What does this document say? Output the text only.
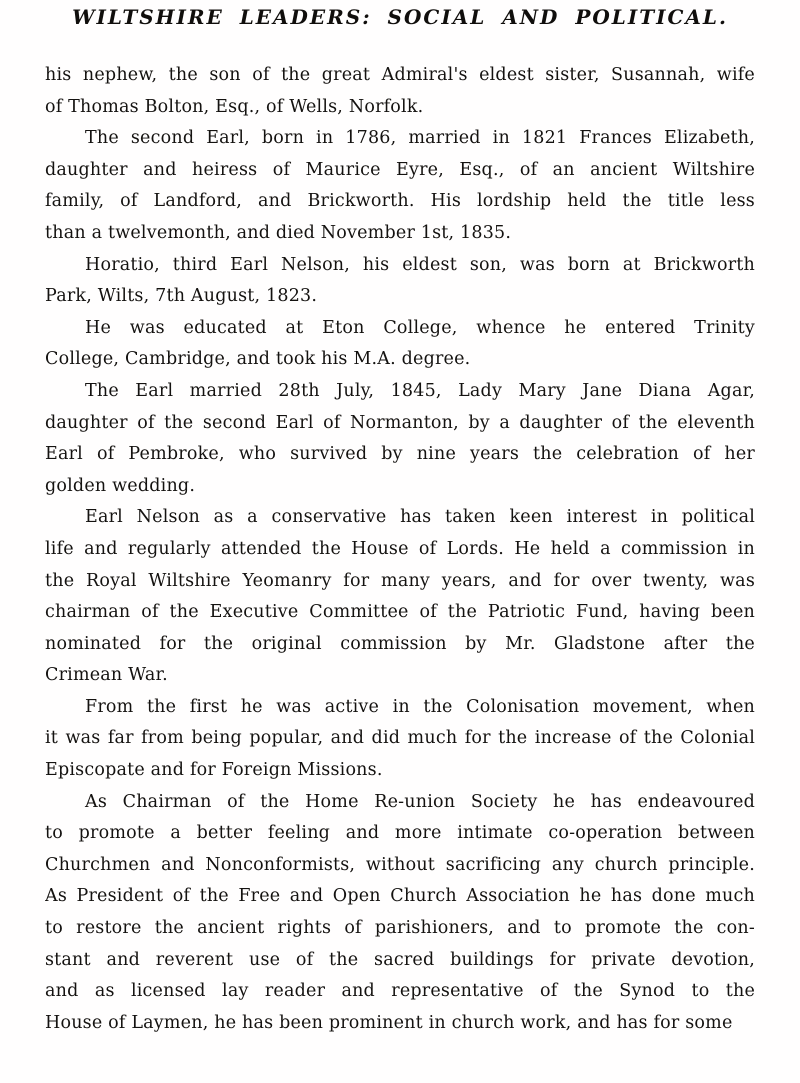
WILTSHIRE LEADERS: SOCIAL AND POLITICAL.
his nephew, the son of the great Admiral's eldest sister, Susannah, wife
of Thomas Bolton, Esq., of Wells, Norfolk.
The second Earl, born in 1786, married in 1821 Frances Elizabeth,
daughter and heiress of Maurice Eyre, Esq., of an ancient Wiltshire
family, of Landford, and Brickworth. His lordship held the title less
than a twelvemonth, and died November 1st, 1835.
Horatio, third Earl Nelson, his eldest son, was born at Brickworth
Park, Wilts, 7th August, 1823.
He was educated at Eton College, whence he entered Trinity
College, Cambridge, and took his M.A. degree.
The Earl married 28th July, 1845, Lady Mary Jane Diana Agar,
daughter of the second Earl of Normanton, by a daughter of the eleventh
Earl of Pembroke, who survived by nine years the celebration of her
golden wedding.
Earl Nelson as a conservative has taken keen interest in political
life and regularly attended the House of Lords. He held a commission in
the Royal Wiltshire Yeomanry for many years, and for over twenty, was
chairman of the Executive Committee of the Patriotic Fund, having been
nominated for the original commission by Mr. Gladstone after the
Crimean War.
From the first he was active in the Colonisation movement, when
it was far from being popular, and did much for the increase of the Colonial
Episcopate and for Foreign Missions.
As Chairman of the Home Re-union Society he has endeavoured
to promote a better feeling and more intimate co-operation between
Churchmen and Nonconformists, without sacrificing any church principle.
As President of the Free and Open Church Association he has done much
to restore the ancient rights of parishioners, and to promote the con-
stant and reverent use of the sacred buildings for private devotion,
and as licensed lay reader and representative of the Synod to the
House of Laymen, he has been prominent in church work, and has for some
